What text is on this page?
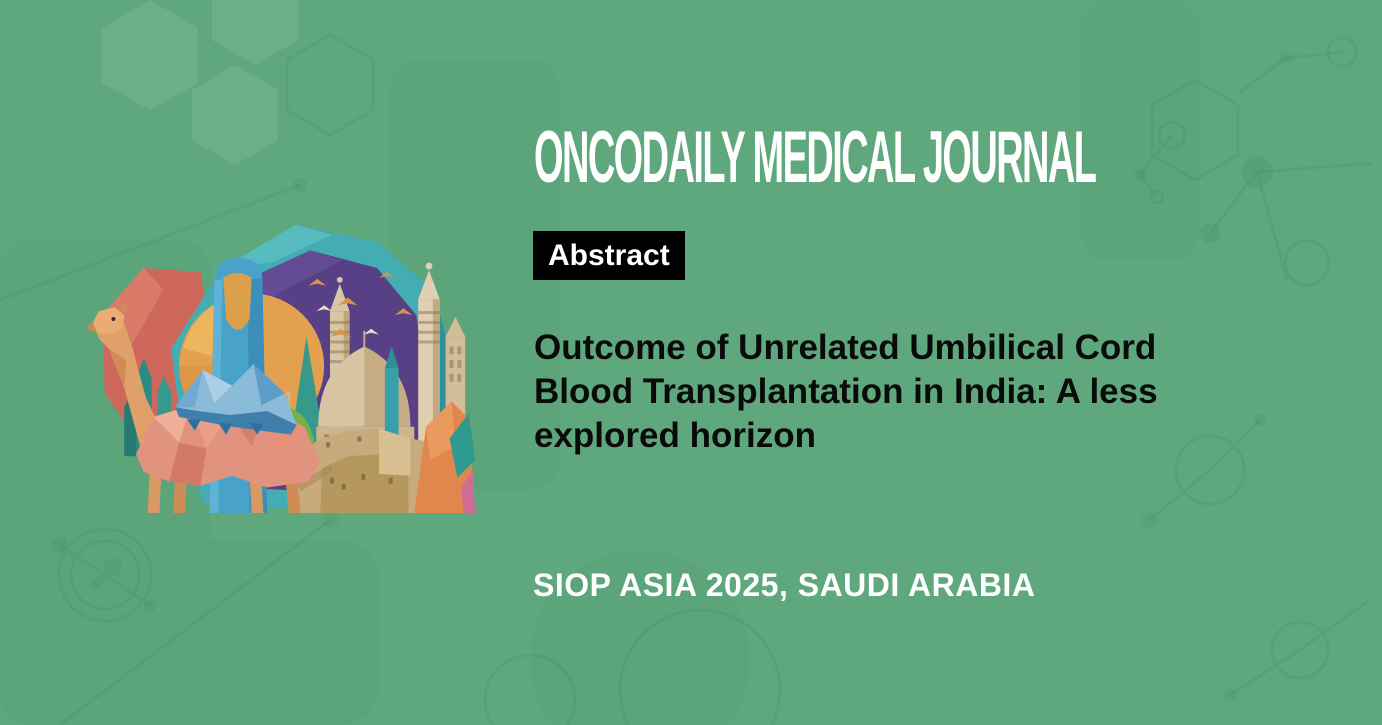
ONCODAILY MEDICAL JOURNAL
Abstract
Outcome of Unrelated Umbilical Cord
Blood Transplantation in India: A less
explored horizon
SIOP ASIA 2025, SAUDI ARABIA
